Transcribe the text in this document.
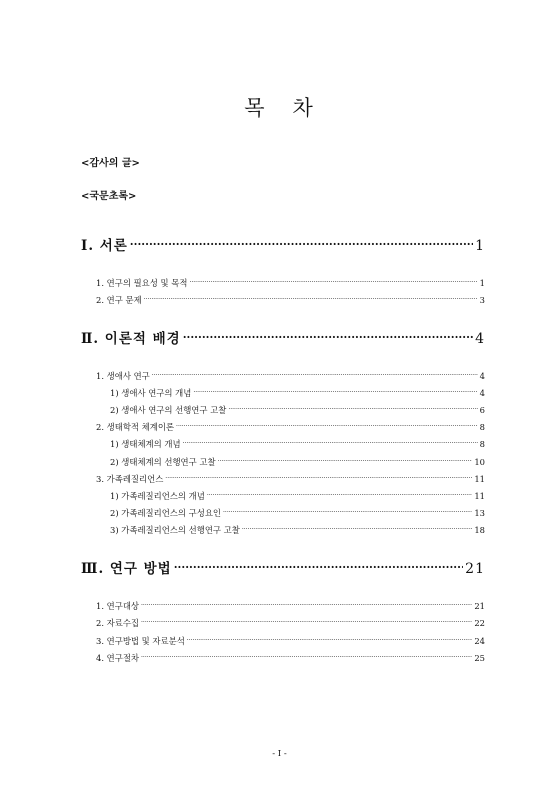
목 차
<감사의 글>
<국문초록>
Ⅰ. 서론 ·····	1
1. 연구의 필요성 및 목적 ·····	1
2. 연구 문제 ·····	3
Ⅱ. 이론적 배경 ·····	4
1. 생애사 연구 ·····	4
1) 생애사 연구의 개념 ·····	4
2) 생애사 연구의 선행연구 고찰 ·····	6
2. 생태학적 체계이론 ·····	8
1) 생태체계의 개념 ·····	8
2) 생태체계의 선행연구 고찰 ·····	10
3. 가족레질리언스 ·····	11
1) 가족레질리언스의 개념 ·····	11
2) 가족레질리언스의 구성요인 ·····	13
3) 가족레질리언스의 선행연구 고찰 ·····	18
Ⅲ. 연구 방법 ·····	21
1. 연구대상 ·····	21
2. 자료수집 ·····	22
3. 연구방법 및 자료분석 ·····	24
4. 연구절차 ·····	25
- Ⅰ -
